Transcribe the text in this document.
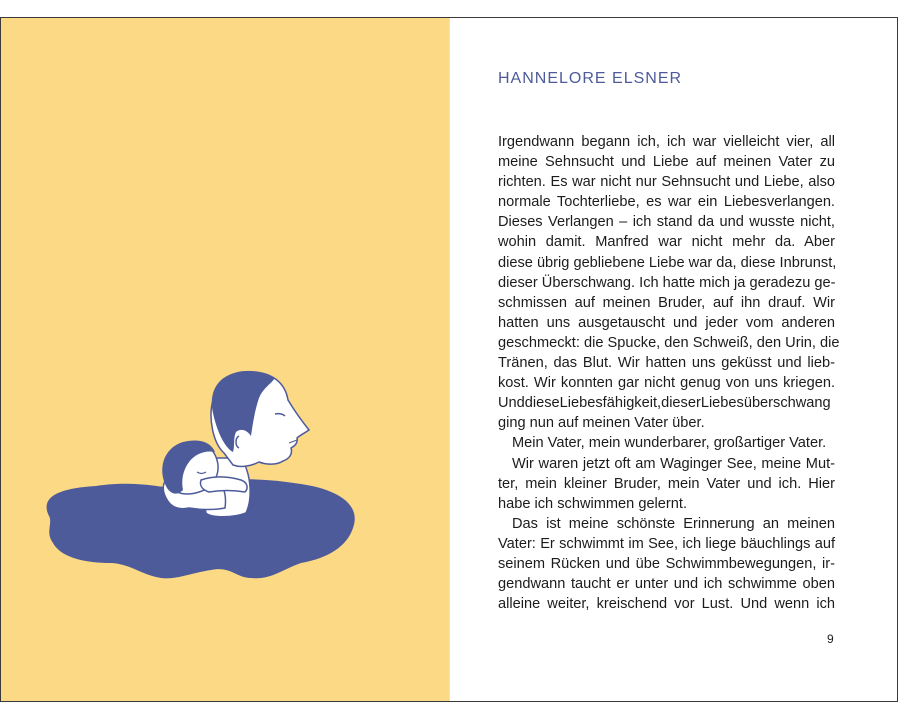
HANNELORE ELSNER
Irgendwann begann ich, ich war vielleicht vier, all
meine Sehnsucht und Liebe auf meinen Vater zu
richten. Es war nicht nur Sehnsucht und Liebe, also
normale Tochterliebe, es war ein Liebesverlangen.
Dieses Verlangen – ich stand da und wusste nicht,
wohin damit. Manfred war nicht mehr da. Aber
diese übrig gebliebene Liebe war da, diese Inbrunst,
dieser Überschwang. Ich hatte mich ja geradezu ge-
schmissen auf meinen Bruder, auf ihn drauf. Wir
hatten uns ausgetauscht und jeder vom anderen
geschmeckt: die Spucke, den Schweiß, den Urin, die
Tränen, das Blut. Wir hatten uns geküsst und lieb-
kost. Wir konnten gar nicht genug von uns kriegen.
UnddieseLiebesfähigkeit,dieserLiebesüberschwang
ging nun auf meinen Vater über.
Mein Vater, mein wunderbarer, großartiger Vater.
Wir waren jetzt oft am Waginger See, meine Mut-
ter, mein kleiner Bruder, mein Vater und ich. Hier
habe ich schwimmen gelernt.
Das ist meine schönste Erinnerung an meinen
Vater: Er schwimmt im See, ich liege bäuchlings auf
seinem Rücken und übe Schwimmbewegungen, ir-
gendwann taucht er unter und ich schwimme oben
alleine weiter, kreischend vor Lust. Und wenn ich
9
